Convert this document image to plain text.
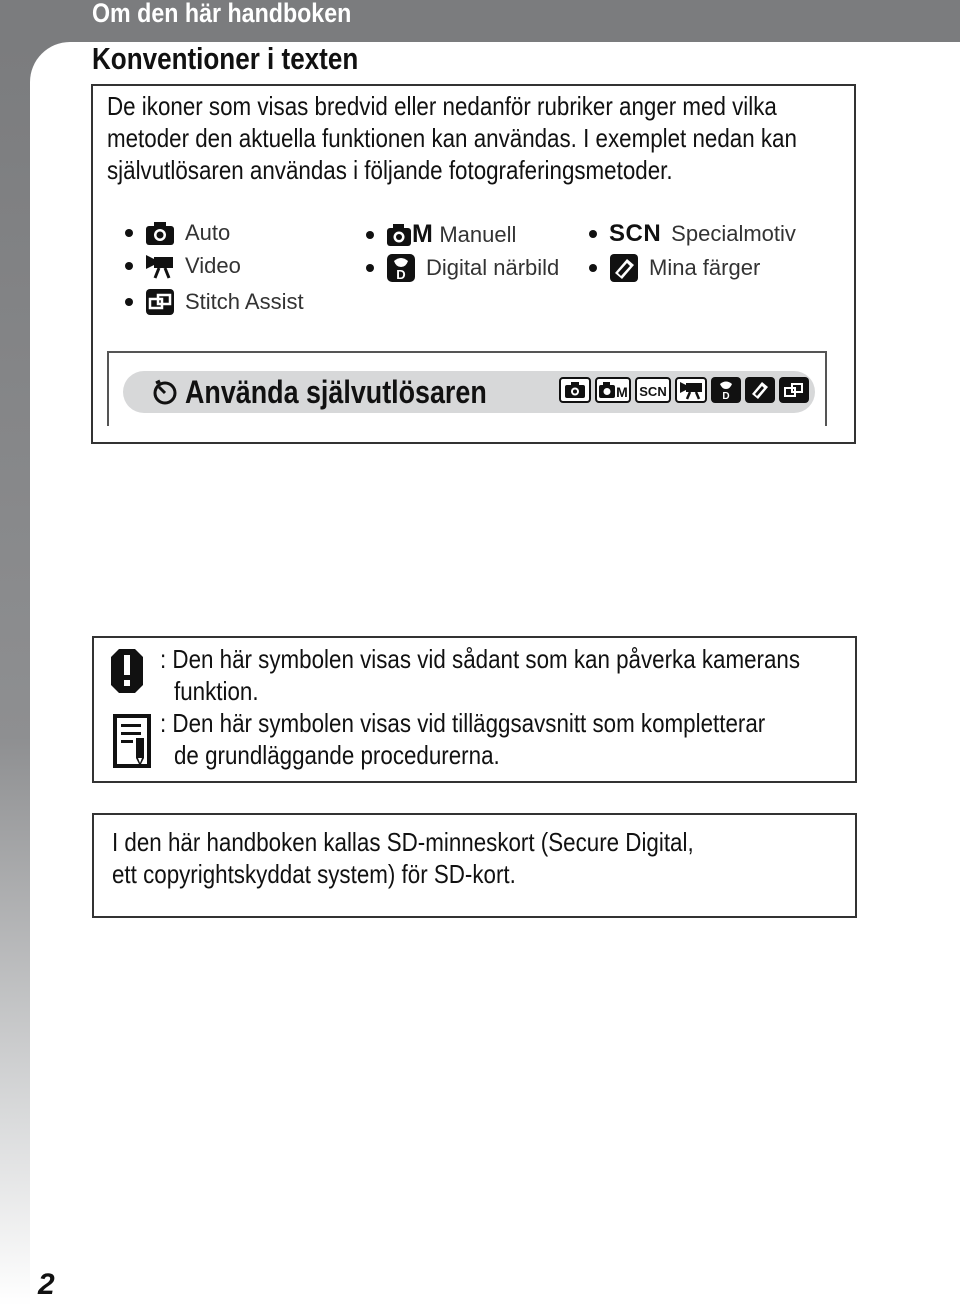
Om den här handboken
Konventioner i texten
De ikoner som visas bredvid eller nedanför rubriker anger med vilka
metoder den aktuella funktionen kan användas. I exemplet nedan kan
självutlösaren användas i följande fotograferingsmetoder.
Auto	M Manuell	SCN Specialmotiv
Video	D Digital närbild	Mina färger
Stitch Assist
Använda självutlösaren	M SCN	D
: Den här symbolen visas vid sådant som kan påverka kamerans
funktion.
: Den här symbolen visas vid tilläggsavsnitt som kompletterar
de grundläggande procedurerna.
I den här handboken kallas SD-minneskort (Secure Digital,
ett copyrightskyddat system) för SD-kort.
2
